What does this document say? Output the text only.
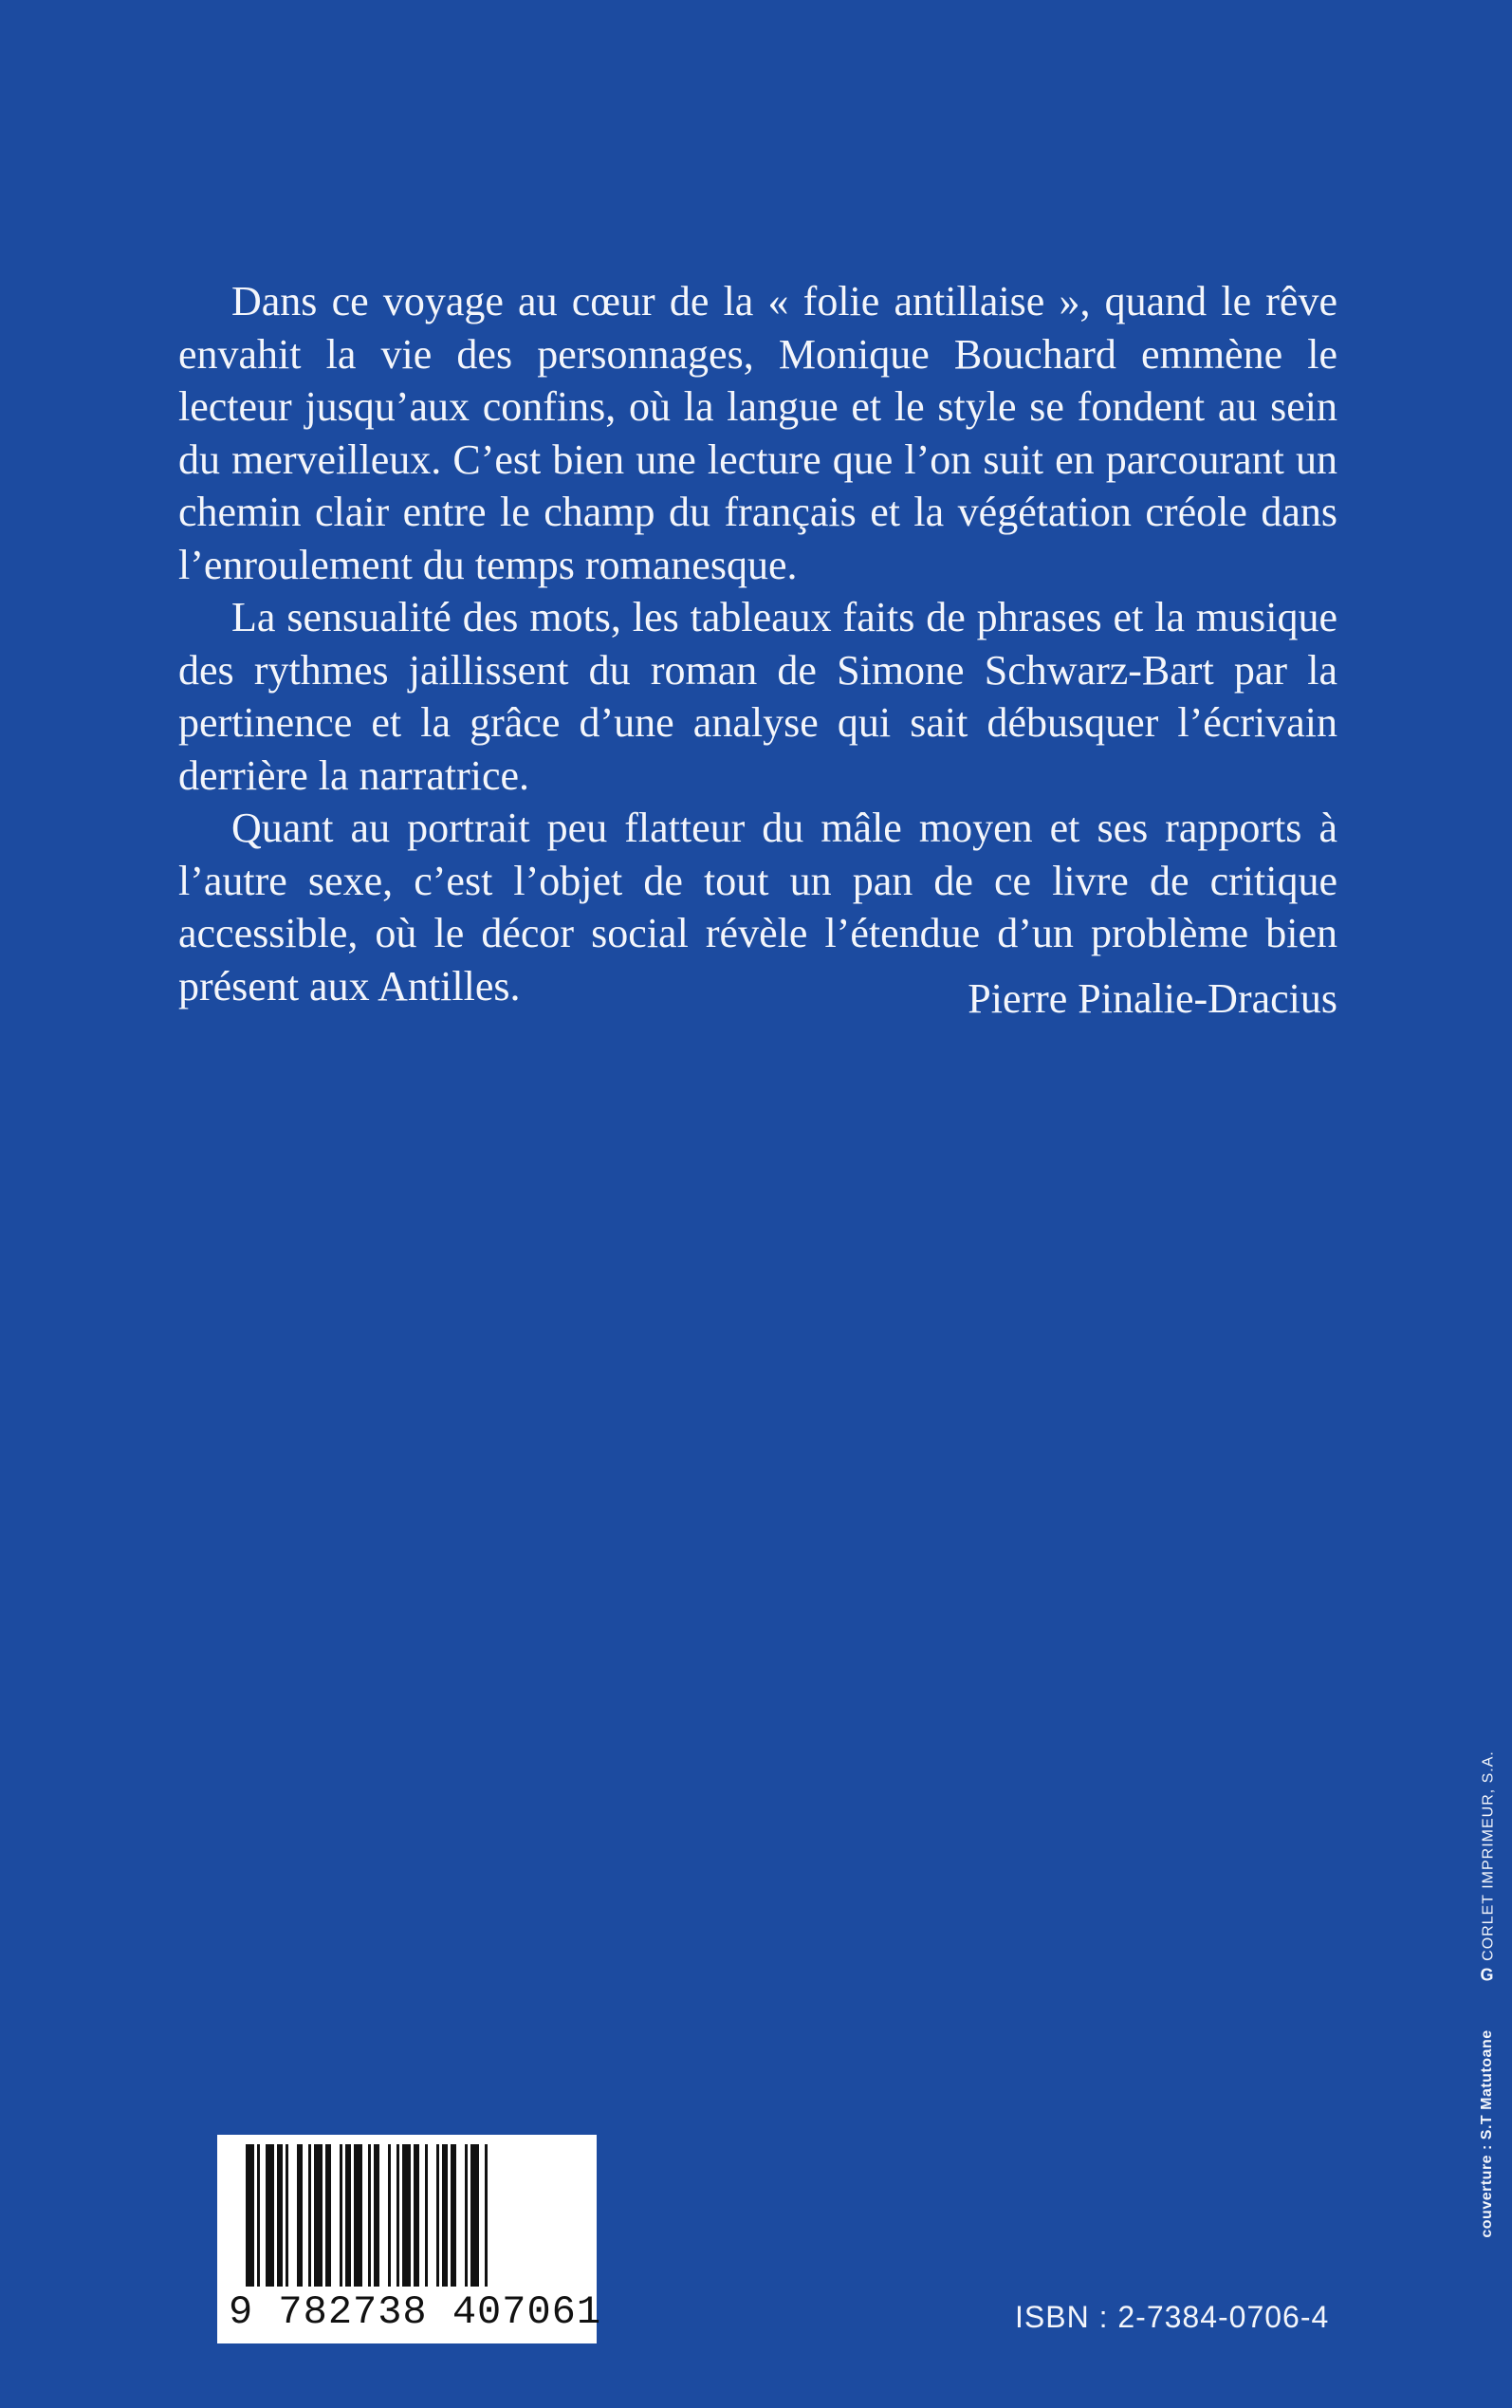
Dans ce voyage au cœur de la « folie antillaise », quand le rêve envahit la vie des personnages, Monique Bouchard emmène le lecteur jusqu’aux confins, où la langue et le style se fondent au sein du merveilleux. C’est bien une lecture que l’on suit en parcourant un chemin clair entre le champ du français et la végétation créole dans l’enroulement du temps romanesque.

La sensualité des mots, les tableaux faits de phrases et la musique des rythmes jaillissent du roman de Simone Schwarz-Bart par la pertinence et la grâce d’une analyse qui sait débusquer l’écrivain derrière la narratrice.

Quant au portrait peu flatteur du mâle moyen et ses rapports à l’autre sexe, c’est l’objet de tout un pan de ce livre de critique accessible, où le décor social révèle l’étendue d’un problème bien présent aux Antilles.	Pierre Pinalie-Dracius
GCORLET IMPRIMEUR, S.A.
couverture : S.T Matutoane
9 782738 407061	ISBN : 2-7384-0706-4
